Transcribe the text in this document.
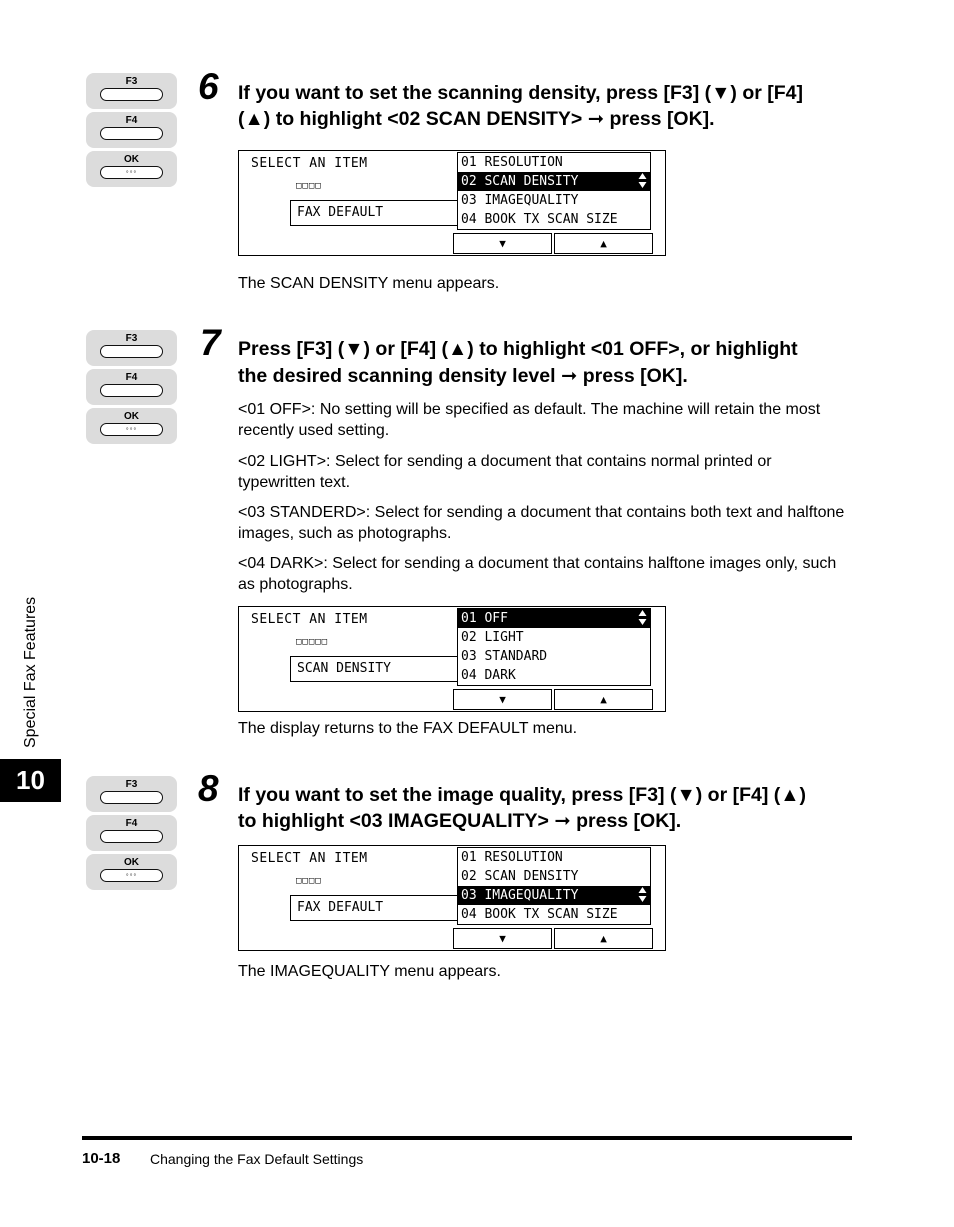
F3
F4
OK
◦◦◦
6 If you want to set the scanning density, press [F3] (▼) or [F4]
(▲) to highlight <02 SCAN DENSITY> ➞ press [OK].
SELECT AN ITEM
□□□□
FAX DEFAULT
01 RESOLUTION
02 SCAN DENSITY
03 IMAGEQUALITY
04 BOOK TX SCAN SIZE
▼	▲
The SCAN DENSITY menu appears.
F3
F4
OK
◦◦◦
7 Press [F3] (▼) or [F4] (▲) to highlight <01 OFF>, or highlight
the desired scanning density level ➞ press [OK].
<01 OFF>: No setting will be specified as default. The machine will retain the most recently used setting.
<02 LIGHT>: Select for sending a document that contains normal printed or typewritten text.
<03 STANDERD>: Select for sending a document that contains both text and halftone images, such as photographs.
<04 DARK>: Select for sending a document that contains halftone images only, such as photographs.
SELECT AN ITEM
□□□□□
SCAN DENSITY
01 OFF
02 LIGHT
03 STANDARD
04 DARK
▼	▲
The display returns to the FAX DEFAULT menu.
F3
F4
OK
◦◦◦
8 If you want to set the image quality, press [F3] (▼) or [F4] (▲)
to highlight <03 IMAGEQUALITY> ➞ press [OK].
SELECT AN ITEM
□□□□
FAX DEFAULT
01 RESOLUTION
02 SCAN DENSITY
03 IMAGEQUALITY
04 BOOK TX SCAN SIZE
▼	▲
The IMAGEQUALITY menu appears.
Special Fax Features
10
10-18 Changing the Fax Default Settings
